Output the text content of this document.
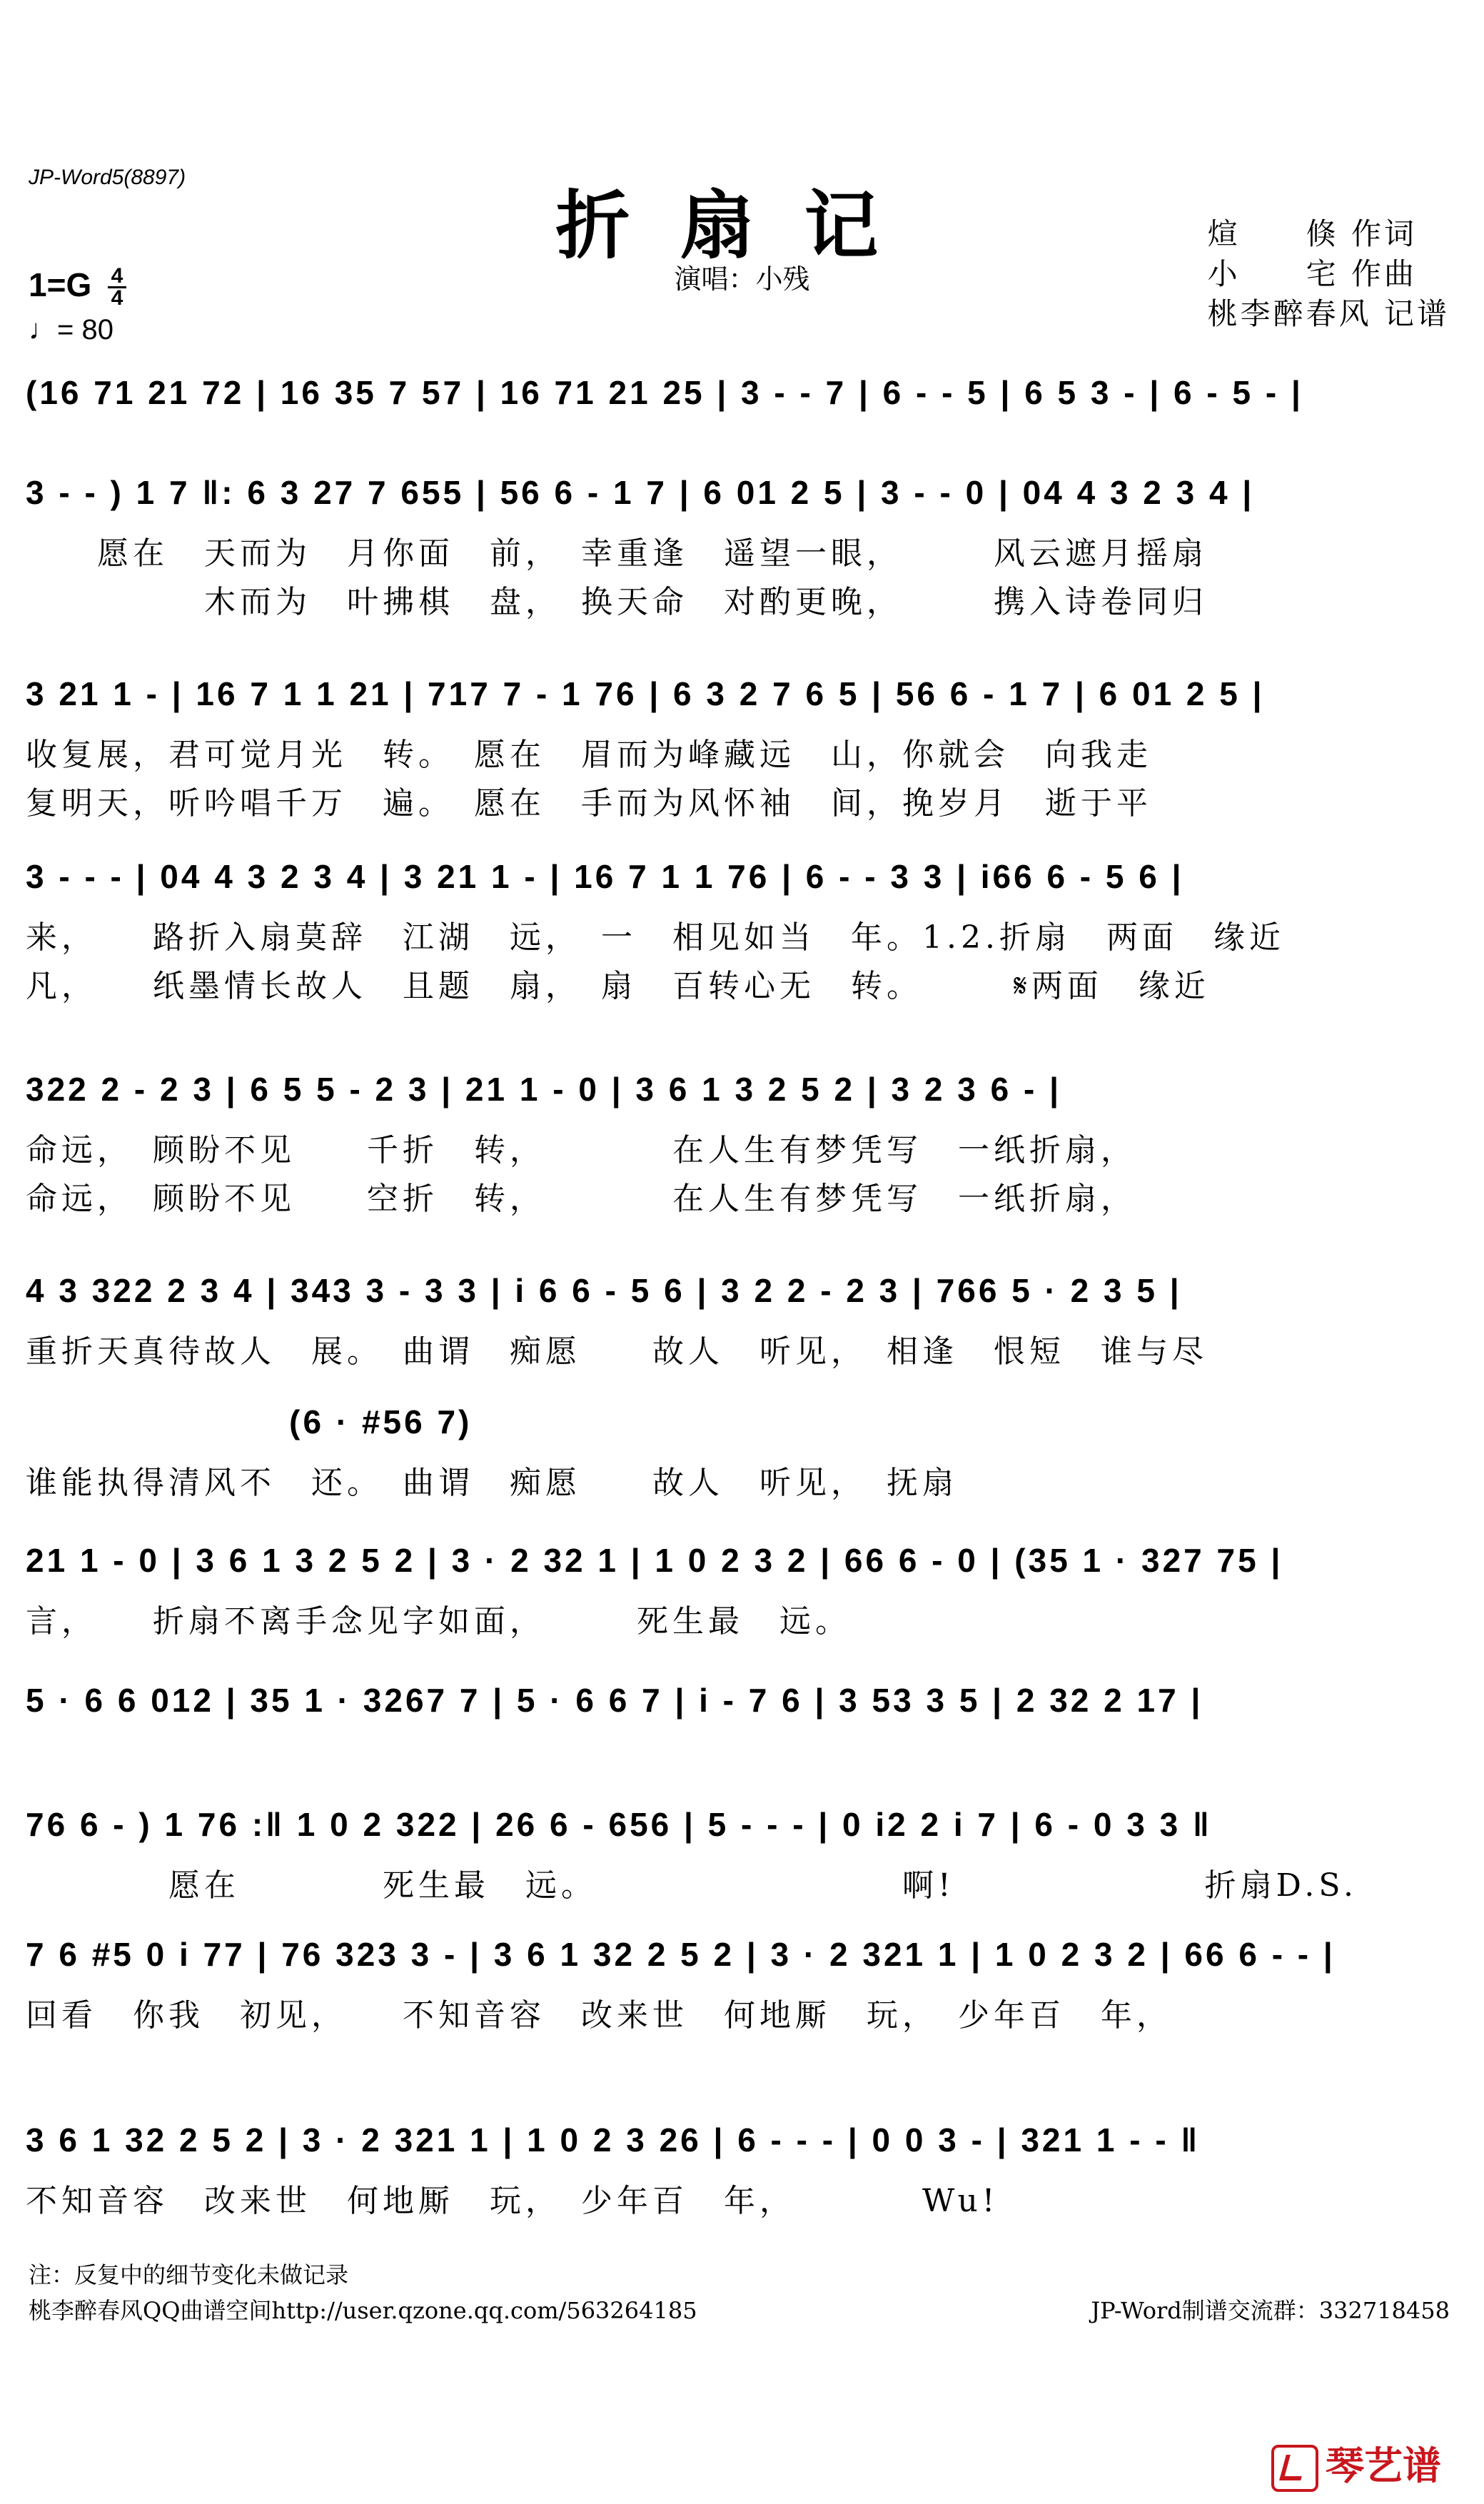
JP-Word5(8897)
折扇记
演唱：小残
煊　　倏 作词
小　　宅 作曲
桃李醉春风 记谱
$1=G \frac{4}{4}$
♩= 80
(16 71 21 72 | 16 35 7 57 | 16 71 21 25 | 3 - - 7 | 6 - - 5 | 6 5 3 - | 6 - 5 - |
3 - - ) 1 7 ‖: 6 3 27 7 655 | 56 6 - 1 7 | 6 01 2 5 | 3 - - 0 | 04 4 3 2 3 4 |
　　愿在　天而为　月你面　前，　幸重逢　遥望一眼，　　　风云遮月摇扇
　　　　　木而为　叶拂棋　盘，　换天命　对酌更晚，　　　携入诗卷同归
3 21 1 - | 16 7 1 1 21 | 717 7 - 1 76 | 6 3 2 7 6 5 | 56 6 - 1 7 | 6 01 2 5 |
收复展，君可觉月光　转。　愿在　眉而为峰藏远　山，你就会　向我走
复明天，听吟唱千万　遍。　愿在　手而为风怀袖　间，挽岁月　逝于平
3 - - - | 04 4 3 2 3 4 | 3 21 1 - | 16 7 1 1 76 | 6 - - 3 3 | i66 6 - 5 6 |
来，　　路折入扇莫辞　江湖　远，　一　相见如当　年。1.2.折扇　两面　缘近
凡，　　纸墨情长故人　且题　扇，　扇　百转心无　转。　　　𝄋两面　缘近
322 2 - 2 3 | 6 5 5 - 2 3 | 21 1 - 0 | 3 6 1 3 2 5 2 | 3 2 3 6 - |
命远，　顾盼不见　　千折　转，　　　　在人生有梦凭写　一纸折扇，
命远，　顾盼不见　　空折　转，　　　　在人生有梦凭写　一纸折扇，
4 3 322 2 3 4 | 343 3 - 3 3 | i 6 6 - 5 6 | 3 2 2 - 2 3 | 766 5 · 2 3 5 |
重折天真待故人　展。　曲谓　痴愿　　故人　听见，　相逢　恨短　谁与尽
(6 · #56 7)
谁能执得清风不　还。　曲谓　痴愿　　故人　听见，　抚扇
21 1 - 0 | 3 6 1 3 2 5 2 | 3 · 2 32 1 | 1 0 2 3 2 | 66 6 - 0 | (35 1 · 327 75 |
言，　　折扇不离手念见字如面，　　　死生最　远。
5 · 6 6 012 | 35 1 · 3267 7 | 5 · 6 6 7 | i - 7 6 | 3 53 3 5 | 2 32 2 17 |
76 6 - ) 1 76 :‖ 1 0 2 322 | 26 6 - 656 | 5 - - - | 0 i2 2 i 7 | 6 - 0 3 3 ‖
　　　　愿在　　　　死生最　远。　　　　　　　　　啊!　　　　　　　折扇D.S.
7 6 #5 0 i 77 | 76 323 3 - | 3 6 1 32 2 5 2 | 3 · 2 321 1 | 1 0 2 3 2 | 66 6 - - |
回看　你我　初见，　　不知音容　改来世　何地厮　玩，　少年百　年，
3 6 1 32 2 5 2 | 3 · 2 321 1 | 1 0 2 3 26 | 6 - - - | 0 0 3 - | 321 1 - - ‖
不知音容　改来世　何地厮　玩，　少年百　年，　　　　Wu!
注：反复中的细节变化未做记录
桃李醉春风QQ曲谱空间http://user.qzone.qq.com/563264185	JP-Word制谱交流群：332718458
琴艺谱
